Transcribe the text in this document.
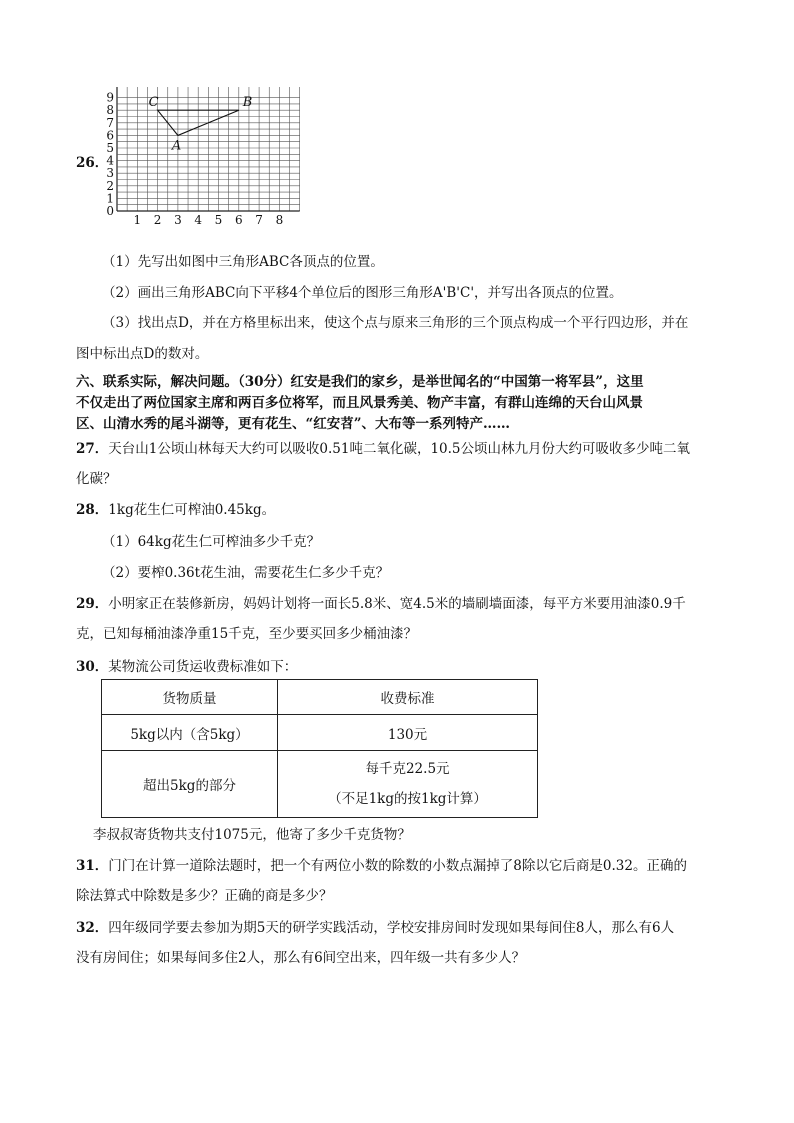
26．
0
1
2
3
4
5
6
7
8
9
1 2 3 4 5 6 7 8
C	B
A
（1）先写出如图中三角形ABC各顶点的位置。
（2）画出三角形ABC向下平移4个单位后的图形三角形A'B'C'，并写出各顶点的位置。
（3）找出点D，并在方格里标出来，使这个点与原来三角形的三个顶点构成一个平行四边形，并在
图中标出点D的数对。
六、联系实际，解决问题。（30分）红安是我们的家乡，是举世闻名的“中国第一将军县”，这里
不仅走出了两位国家主席和两百多位将军，而且风景秀美、物产丰富，有群山连绵的天台山风景
区、山清水秀的尾斗湖等，更有花生、“红安苕”、大布等一系列特产……
27．天台山1公顷山林每天大约可以吸收0.51吨二氧化碳，10.5公顷山林九月份大约可吸收多少吨二氧
化碳？
28．1kg花生仁可榨油0.45kg。
（1）64kg花生仁可榨油多少千克？
（2）要榨0.36t花生油，需要花生仁多少千克？
29．小明家正在装修新房，妈妈计划将一面长5.8米、宽4.5米的墙刷墙面漆，每平方米要用油漆0.9千
克，已知每桶油漆净重15千克，至少要买回多少桶油漆？
30．某物流公司货运收费标准如下：
货物质量	收费标准
5kg以内（含5kg）	130元
超出5kg的部分	每千克22.5元
（不足1kg的按1kg计算）
李叔叔寄货物共支付1075元，他寄了多少千克货物？
31．门门在计算一道除法题时，把一个有两位小数的除数的小数点漏掉了8除以它后商是0.32。正确的
除法算式中除数是多少？正确的商是多少？
32．四年级同学要去参加为期5天的研学实践活动，学校安排房间时发现如果每间住8人，那么有6人
没有房间住；如果每间多住2人，那么有6间空出来，四年级一共有多少人？
